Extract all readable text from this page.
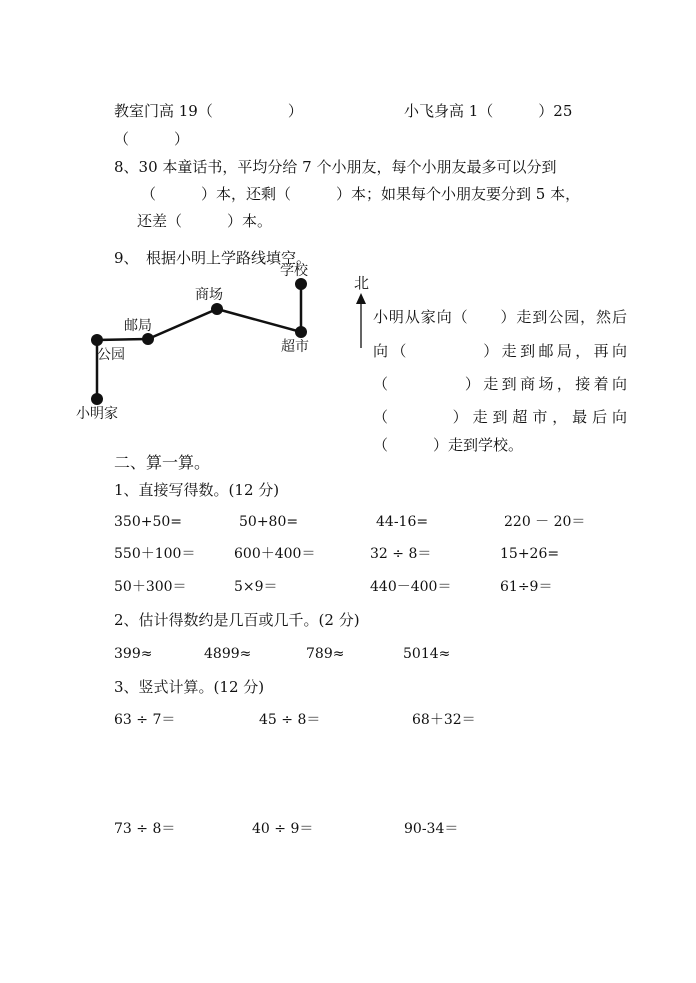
教室门高 19（　　　　　）	小飞身高 1（　　　）25
（　　　）
8、30 本童话书，平均分给 7 个小朋友，每个小朋友最多可以分到
（　　　）本，还剩（　　　）本；如果每个小朋友要分到 5 本，
还差（　　　）本。
9、　根据小明上学路线填空。
小明家
公园
邮局
商场
超市
学校
北
小明从家向（　　）走到公园，然后
向（　　　　）走到邮局，再向
（　　　　）走到商场，接着向
（　　　）走到超市，最后向
（　　　）走到学校。
二、算一算。
1、直接写得数。(12 分)
350+50=	50+80=	44-16=	220 － 20＝
550＋100＝	600＋400＝	32 ÷ 8＝	15+26=
50＋300＝	5×9＝	440－400＝	61÷9＝
2、估计得数约是几百或几千。(2 分)
399≈	4899≈	789≈	5014≈
3、竖式计算。(12 分)
63 ÷ 7＝	45 ÷ 8＝	68＋32＝
73 ÷ 8＝	40 ÷ 9＝	90-34＝
